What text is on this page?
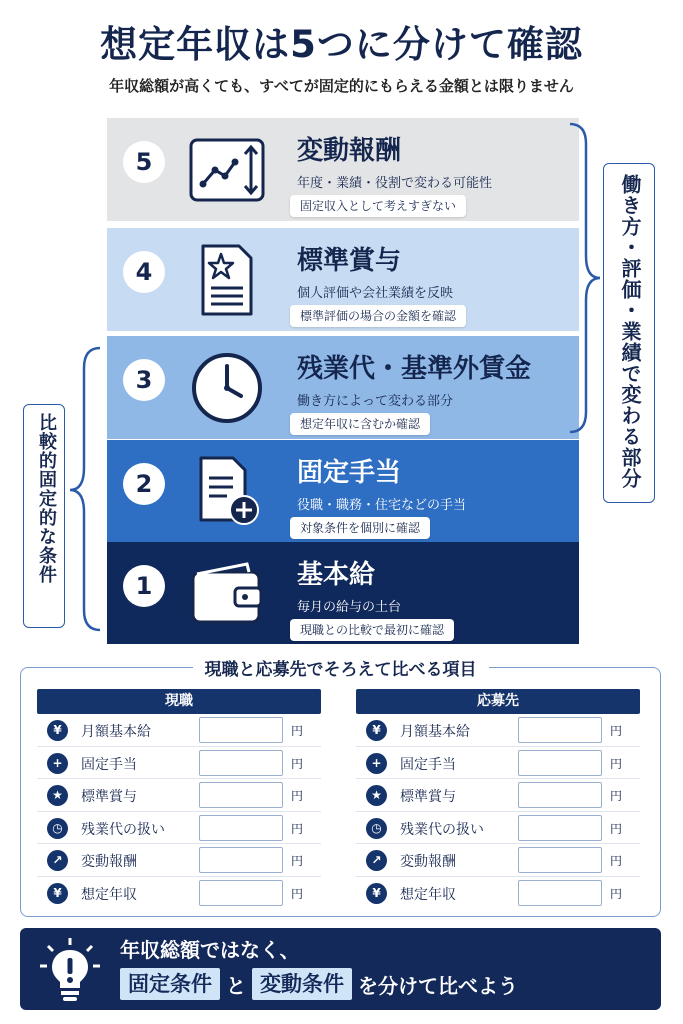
想定年収は5つに分けて確認
年収総額が高くても、すべてが固定的にもらえる金額とは限りません
5	変動報酬
年度・業績・役割で変わる可能性
固定収入として考えすぎない
4	標準賞与
個人評価や会社業績を反映
標準評価の場合の金額を確認
3	残業代・基準外賃金
働き方によって変わる部分
想定年収に含むか確認
2	固定手当
役職・職務・住宅などの手当
対象条件を個別に確認
1	基本給
毎月の給与の土台
現職との比較で最初に確認
働き方・評価・業績で変わる部分
比較的固定的な条件
現職と応募先でそろえて比べる項目
現職
¥	月額基本給	円
+	固定手当	円
★	標準賞与	円
◷	残業代の扱い	円
↗	変動報酬	円
¥	想定年収	円
応募先
¥	月額基本給	円
+	固定手当	円
★	標準賞与	円
◷	残業代の扱い	円
↗	変動報酬	円
¥	想定年収	円
年収総額ではなく、
固定条件 と 変動条件 を分けて比べよう
